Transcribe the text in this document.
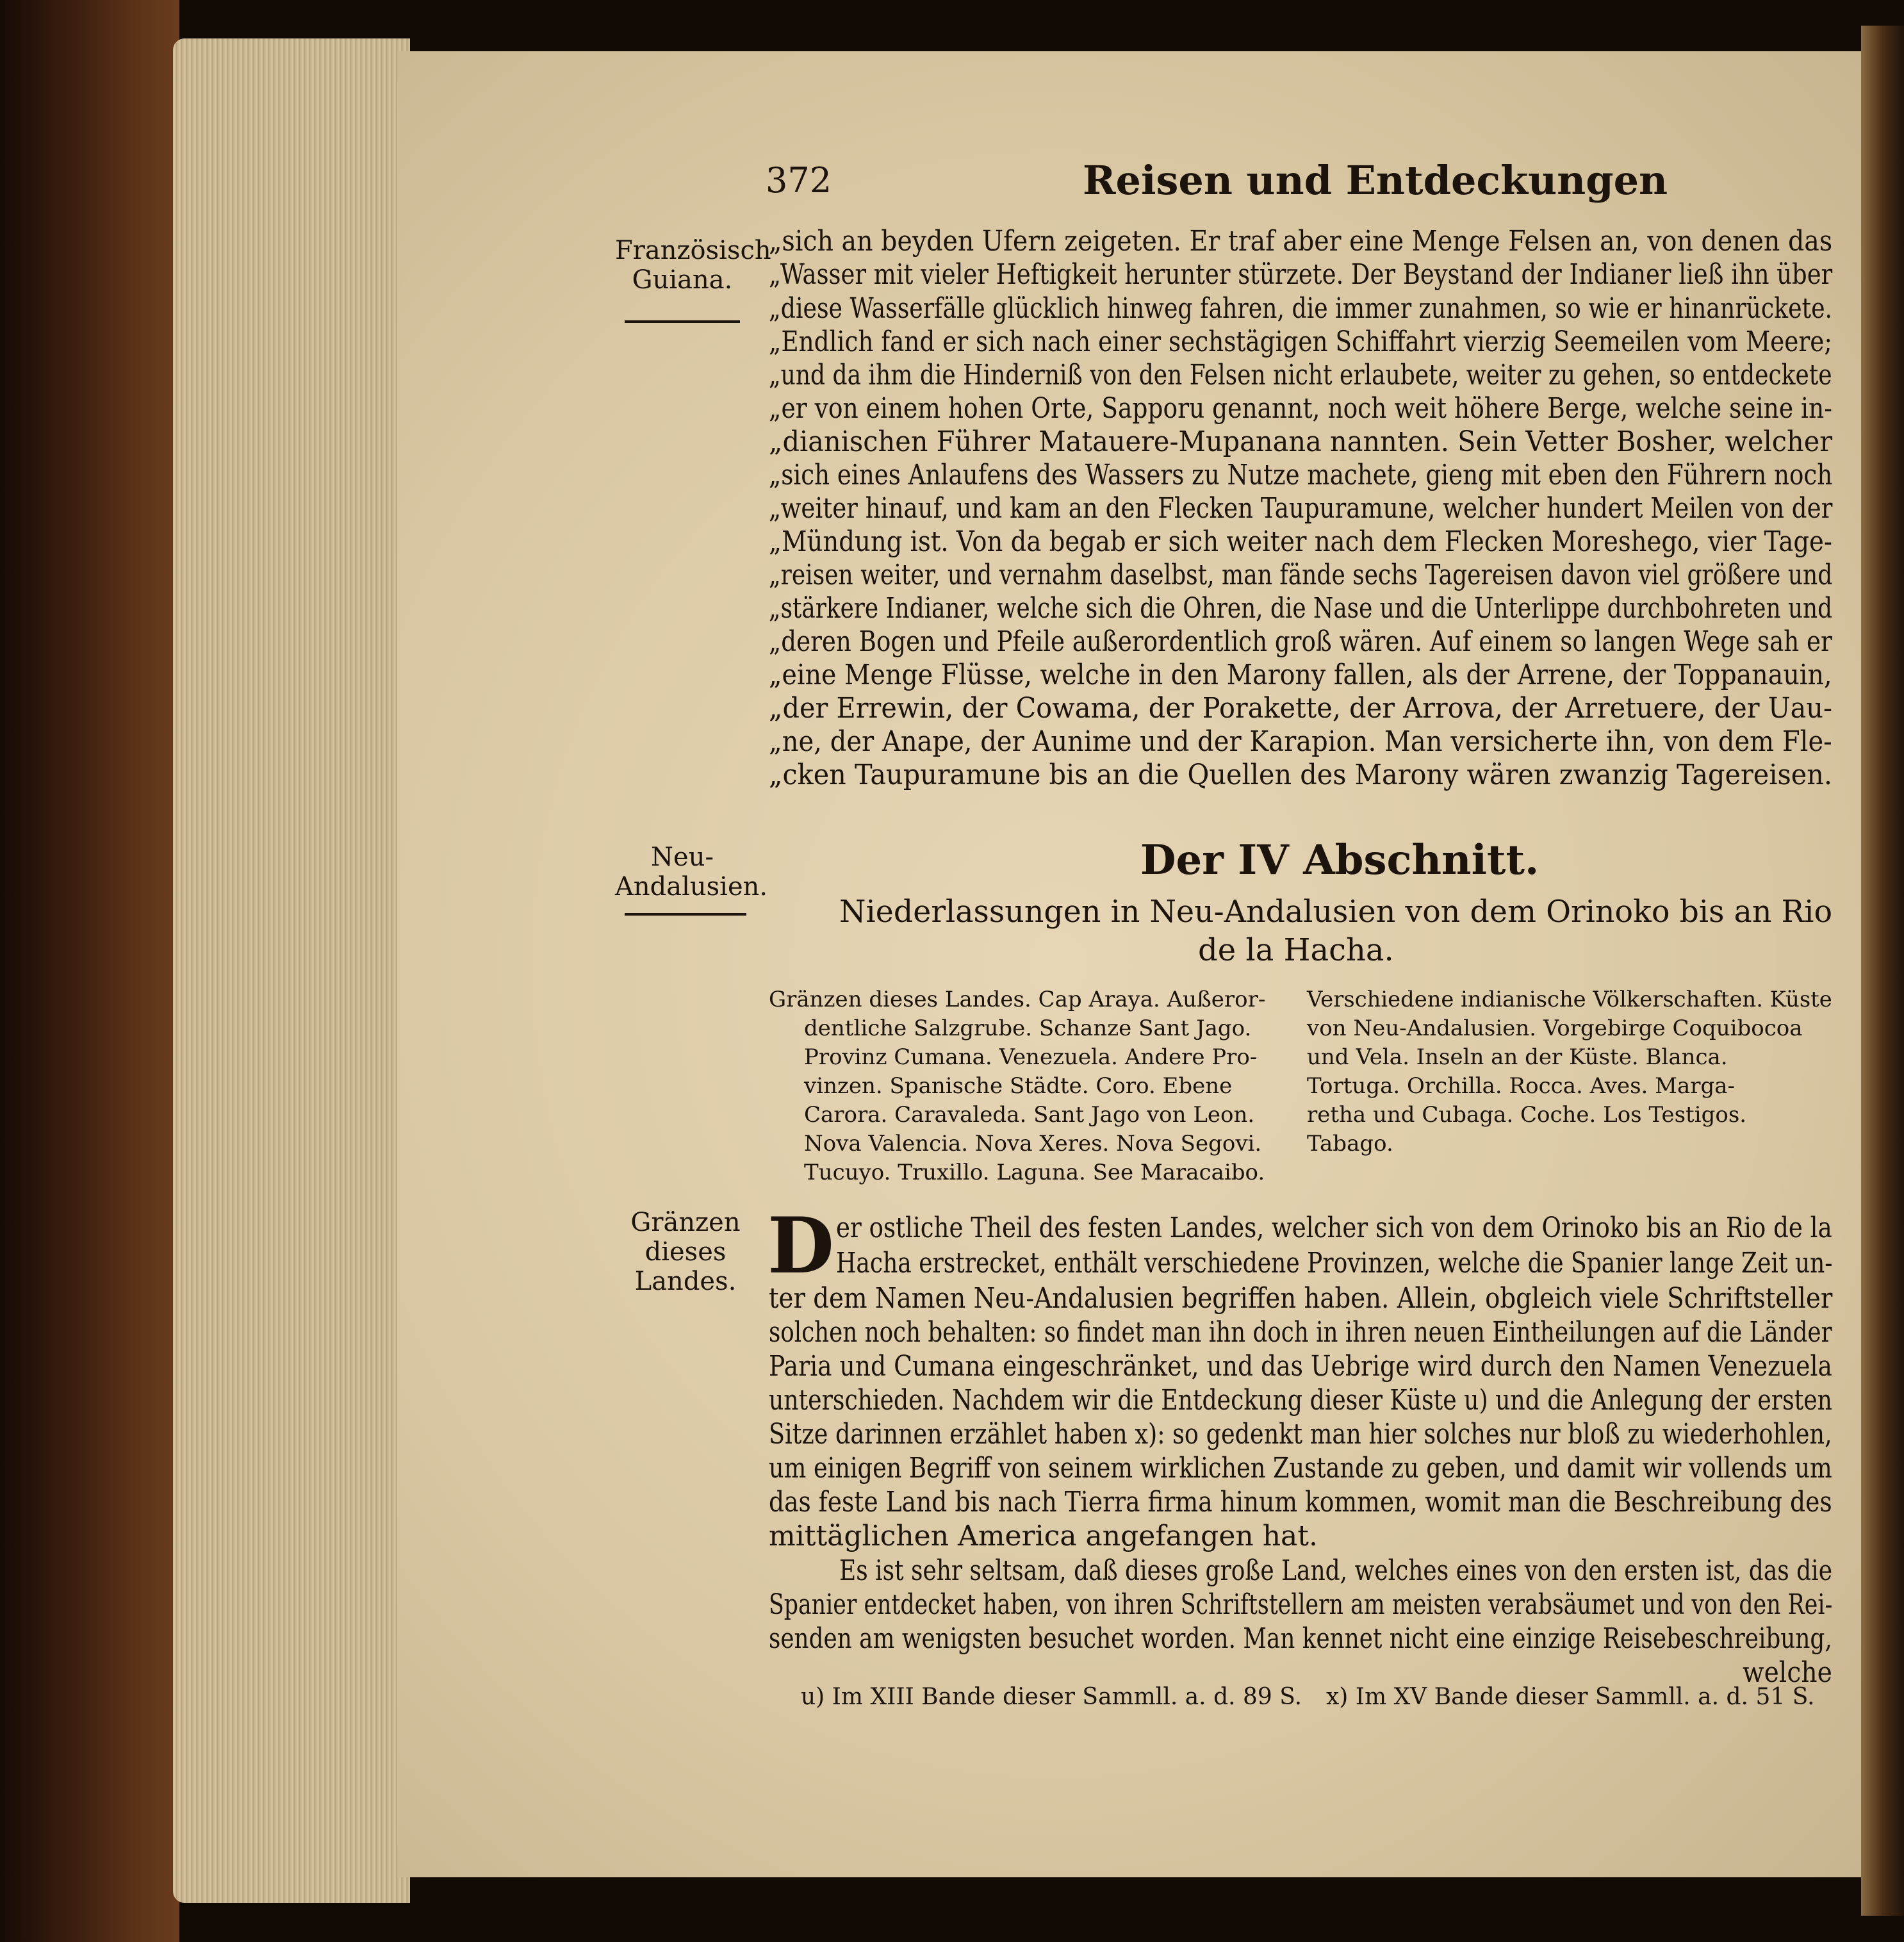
372	Reisen und Entdeckungen
Französisch Guiana.
Neu-Andalusien.
Gränzen dieses Landes.
„sich an beyden Ufern zeigeten. Er traf aber eine Menge Felsen an, von denen das
„Wasser mit vieler Heftigkeit herunter stürzete. Der Beystand der Indianer ließ ihn über
„diese Wasserfälle glücklich hinweg fahren, die immer zunahmen, so wie er hinanrückete.
„Endlich fand er sich nach einer sechstägigen Schiffahrt vierzig Seemeilen vom Meere;
„und da ihm die Hinderniß von den Felsen nicht erlaubete, weiter zu gehen, so entdeckete
„er von einem hohen Orte, Sapporu genannt, noch weit höhere Berge, welche seine in-
„dianischen Führer Matauere-Mupanana nannten. Sein Vetter Bosher, welcher
„sich eines Anlaufens des Wassers zu Nutze machete, gieng mit eben den Führern noch
„weiter hinauf, und kam an den Flecken Taupuramune, welcher hundert Meilen von der
„Mündung ist. Von da begab er sich weiter nach dem Flecken Moreshego, vier Tage-
„reisen weiter, und vernahm daselbst, man fände sechs Tagereisen davon viel größere und
„stärkere Indianer, welche sich die Ohren, die Nase und die Unterlippe durchbohreten und
„deren Bogen und Pfeile außerordentlich groß wären. Auf einem so langen Wege sah er
„eine Menge Flüsse, welche in den Marony fallen, als der Arrene, der Toppanauin,
„der Errewin, der Cowama, der Porakette, der Arrova, der Arretuere, der Uau-
„ne, der Anape, der Aunime und der Karapion. Man versicherte ihn, von dem Fle-
„cken Taupuramune bis an die Quellen des Marony wären zwanzig Tagereisen.
Der IV Abschnitt.
Niederlassungen in Neu-Andalusien von dem Orinoko bis an Rio
de la Hacha.
Gränzen dieses Landes. Cap Araya. Außeror-
dentliche Salzgrube. Schanze Sant Jago.
Provinz Cumana. Venezuela. Andere Pro-
vinzen. Spanische Städte. Coro. Ebene
Carora. Caravaleda. Sant Jago von Leon.
Nova Valencia. Nova Xeres. Nova Segovi.
Tucuyo. Truxillo. Laguna. See Maracaibo.
Verschiedene indianische Völkerschaften. Küste
von Neu-Andalusien. Vorgebirge Coquibocoa
und Vela. Inseln an der Küste. Blanca.
Tortuga. Orchilla. Rocca. Aves. Marga-
retha und Cubaga. Coche. Los Testigos.
Tabago.
D er ostliche Theil des festen Landes, welcher sich von dem Orinoko bis an Rio de la
Hacha erstrecket, enthält verschiedene Provinzen, welche die Spanier lange Zeit un-
ter dem Namen Neu-Andalusien begriffen haben. Allein, obgleich viele Schriftsteller
solchen noch behalten: so findet man ihn doch in ihren neuen Eintheilungen auf die Länder
Paria und Cumana eingeschränket, und das Uebrige wird durch den Namen Venezuela
unterschieden. Nachdem wir die Entdeckung dieser Küste u) und die Anlegung der ersten
Sitze darinnen erzählet haben x): so gedenkt man hier solches nur bloß zu wiederhohlen,
um einigen Begriff von seinem wirklichen Zustande zu geben, und damit wir vollends um
das feste Land bis nach Tierra firma hinum kommen, womit man die Beschreibung des
mittäglichen America angefangen hat.
Es ist sehr seltsam, daß dieses große Land, welches eines von den ersten ist, das die
Spanier entdecket haben, von ihren Schriftstellern am meisten verabsäumet und von den Rei-
senden am wenigsten besuchet worden. Man kennet nicht eine einzige Reisebeschreibung,
welche
u) Im XIII Bande dieser Sammll. a. d. 89 S. x) Im XV Bande dieser Sammll. a. d. 51 S.
